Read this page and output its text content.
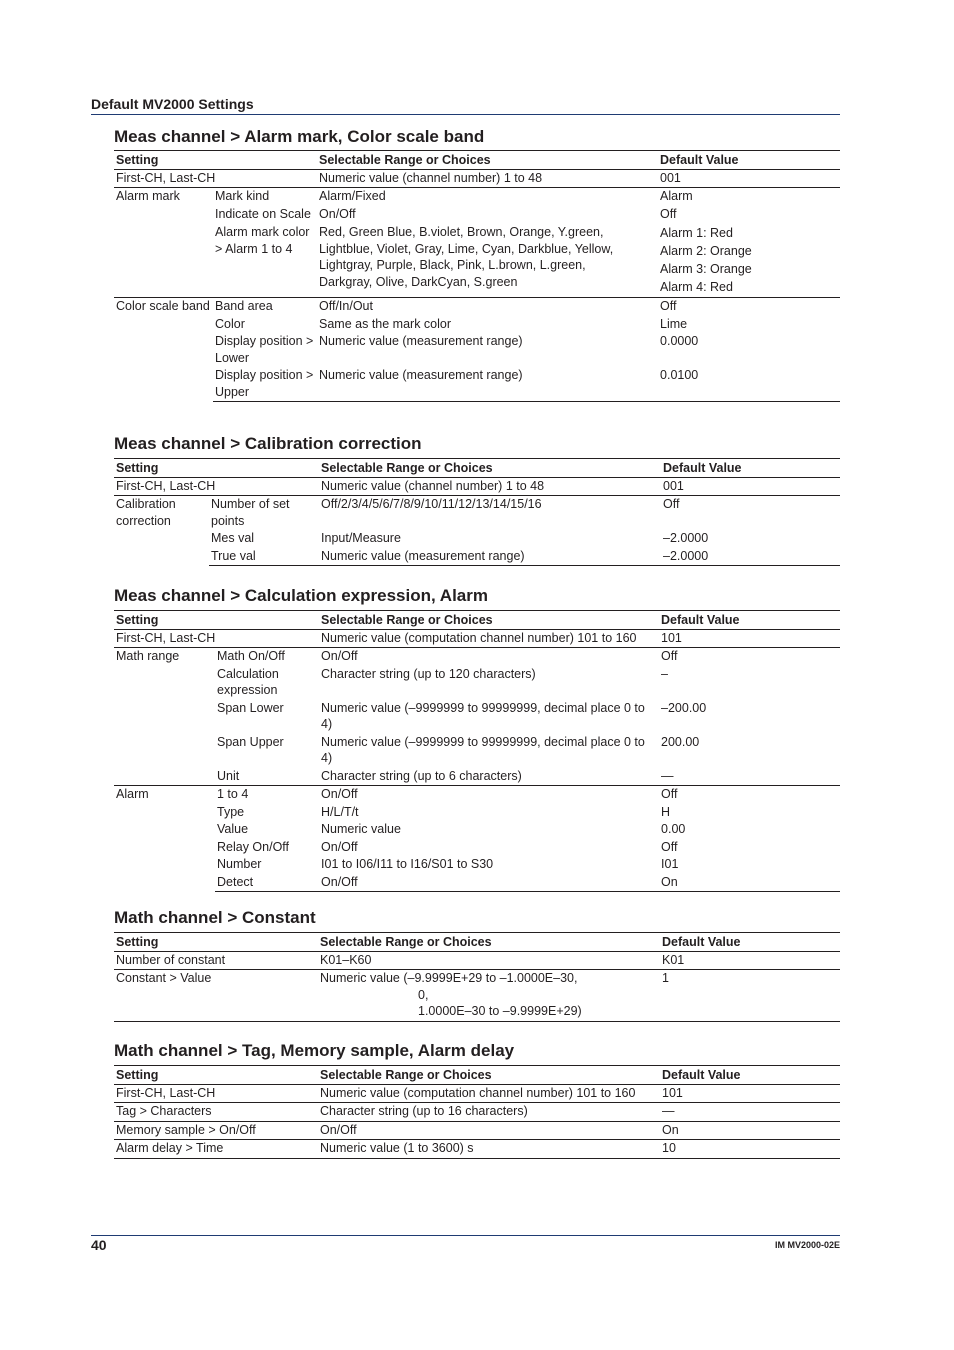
Default MV2000 Settings
Meas channel > Alarm mark, Color scale band
Setting		Selectable Range or Choices	Default Value
First-CH, Last-CH		Numeric value (channel number) 1 to 48	001
Alarm mark	Mark kind	Alarm/Fixed	Alarm
	Indicate on Scale	On/Off	Off
	Alarm mark color > Alarm 1 to 4	Red, Green Blue, B.violet, Brown, Orange, Y.green, Lightblue, Violet, Gray, Lime, Cyan, Darkblue, Yellow, Lightgray, Purple, Black, Pink, L.brown, L.green, Darkgray, Olive, DarkCyan, S.green	Alarm 1: Red
Alarm 2: Orange
Alarm 3: Orange
Alarm 4: Red

Color scale band	Band area	Off/In/Out	Off
	Color	Same as the mark color	Lime
	Display position > Lower	Numeric value (measurement range)	0.0000
	Display position > Upper	Numeric value (measurement range)	0.0100
Meas channel > Calibration correction
Setting		Selectable Range or Choices	Default Value
First-CH, Last-CH		Numeric value (channel number) 1 to 48	001
Calibration correction	Number of set points	Off/2/3/4/5/6/7/8/9/10/11/12/13/14/15/16	Off
	Mes val	Input/Measure	–2.0000
	True val	Numeric value (measurement range)	–2.0000
Meas channel > Calculation expression, Alarm
Setting		Selectable Range or Choices	Default Value
First-CH, Last-CH		Numeric value (computation channel number) 101 to 160	101
Math range	Math On/Off	On/Off	Off
	Calculation expression	Character string (up to 120 characters)	–
	Span Lower	Numeric value (–9999999 to 99999999, decimal place 0 to 4)	–200.00
	Span Upper	Numeric value (–9999999 to 99999999, decimal place 0 to 4)	200.00
	Unit	Character string (up to 6 characters)	—
Alarm	1 to 4	On/Off	Off
	Type	H/L/T/t	H
	Value	Numeric value	0.00
	Relay On/Off	On/Off	Off
	Number	I01 to I06/I11 to I16/S01 to S30	I01
	Detect	On/Off	On
Math channel > Constant
Setting	Selectable Range or Choices	Default Value
Number of constant	K01–K60	K01
Constant > Value	Numeric value (–9.9999E+29 to –1.0000E–30,
0,
1.0000E–30 to –9.9999E+29)	1
Math channel > Tag, Memory sample, Alarm delay
Setting	Selectable Range or Choices	Default Value
First-CH, Last-CH	Numeric value (computation channel number) 101 to 160	101
Tag > Characters	Character string (up to 16 characters)	—
Memory sample > On/Off	On/Off	On
Alarm delay > Time	Numeric value (1 to 3600) s	10
40	IM MV2000-02E
